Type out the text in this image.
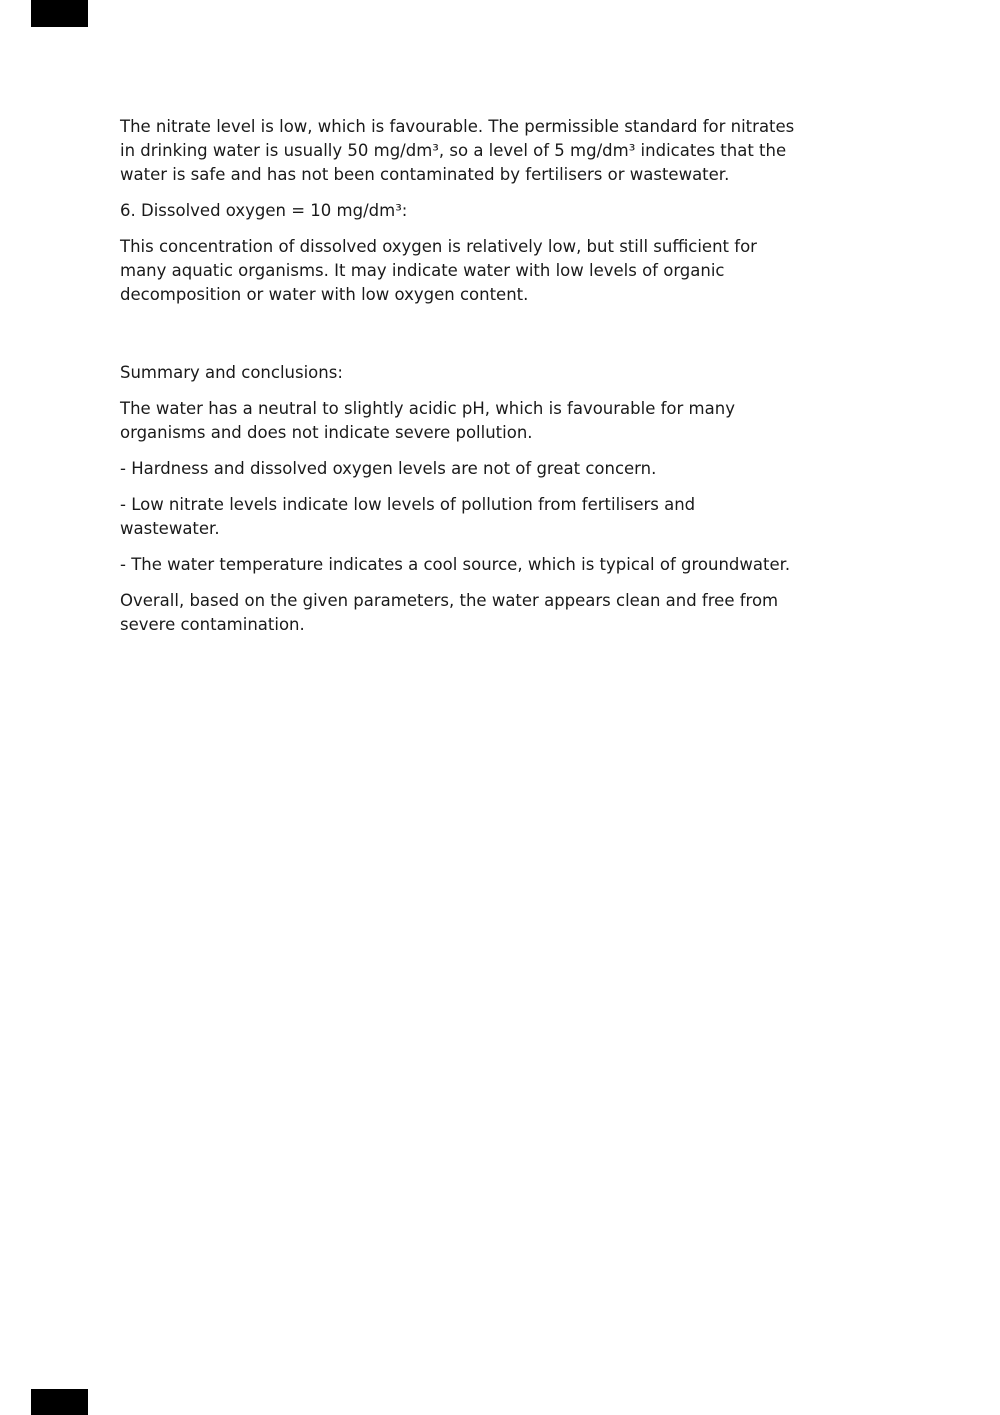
The nitrate level is low, which is favourable. The permissible standard for nitrates
in drinking water is usually 50 mg/dm³, so a level of 5 mg/dm³ indicates that the
water is safe and has not been contaminated by fertilisers or wastewater.
6. Dissolved oxygen = 10 mg/dm³:
This concentration of dissolved oxygen is relatively low, but still sufficient for
many aquatic organisms. It may indicate water with low levels of organic
decomposition or water with low oxygen content.
Summary and conclusions:
The water has a neutral to slightly acidic pH, which is favourable for many
organisms and does not indicate severe pollution.
- Hardness and dissolved oxygen levels are not of great concern.
- Low nitrate levels indicate low levels of pollution from fertilisers and
wastewater.
- The water temperature indicates a cool source, which is typical of groundwater.
Overall, based on the given parameters, the water appears clean and free from
severe contamination.
